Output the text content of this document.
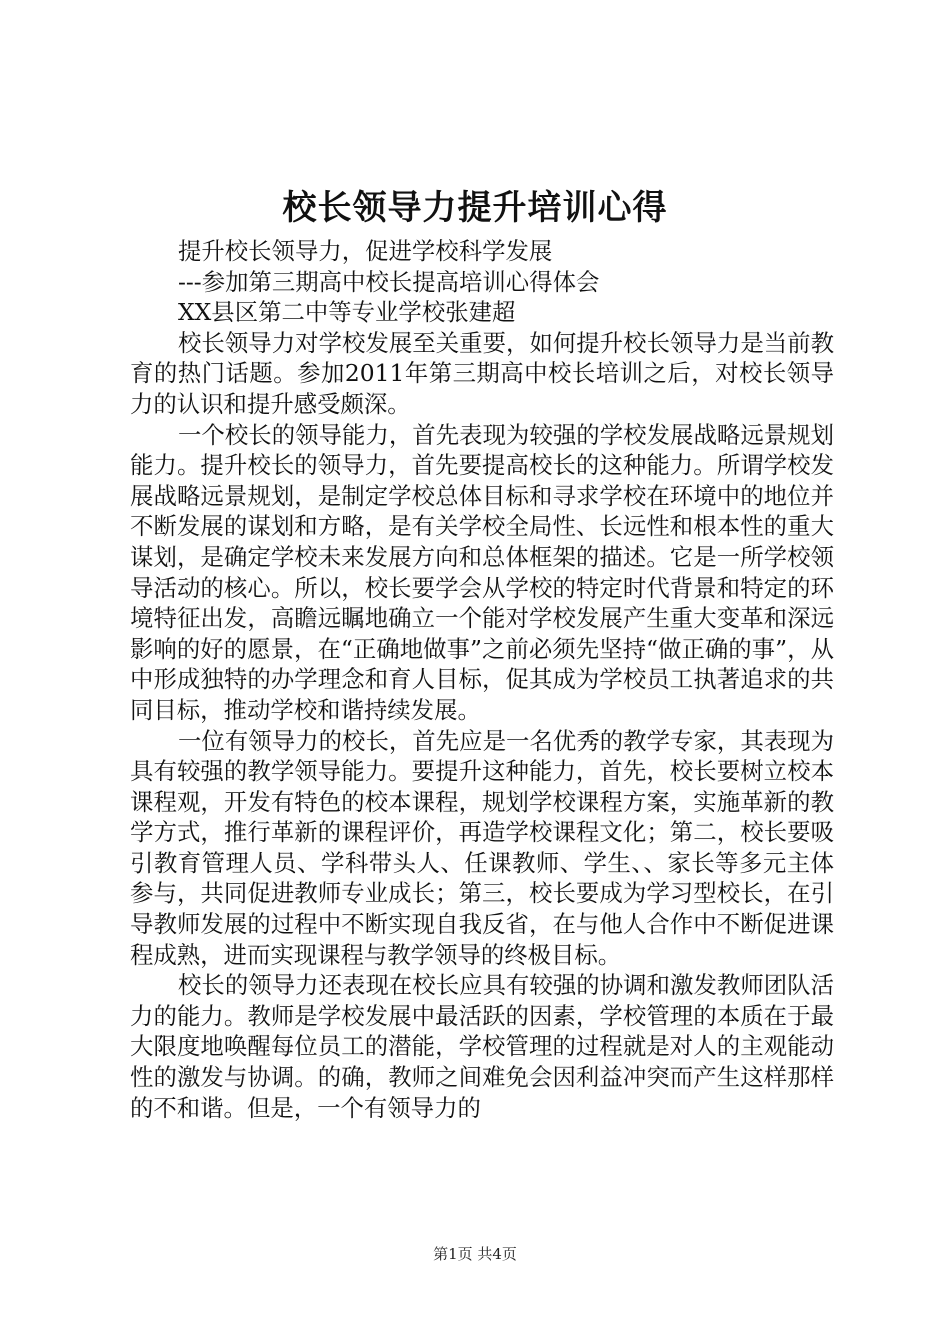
校长领导力提升培训心得

提升校长领导力，促进学校科学发展

---参加第三期高中校长提高培训心得体会

XX县区第二中等专业学校张建超

校长领导力对学校发展至关重要，如何提升校长领导力是当前教育的热门话题。参加2011年第三期高中校长培训之后，对校长领导力的认识和提升感受颇深。

一个校长的领导能力，首先表现为较强的学校发展战略远景规划能力。提升校长的领导力，首先要提高校长的这种能力。所谓学校发展战略远景规划，是制定学校总体目标和寻求学校在环境中的地位并不断发展的谋划和方略，是有关学校全局性、长远性和根本性的重大谋划，是确定学校未来发展方向和总体框架的描述。它是一所学校领导活动的核心。所以，校长要学会从学校的特定时代背景和特定的环境特征出发，高瞻远瞩地确立一个能对学校发展产生重大变革和深远影响的好的愿景，在“正确地做事”之前必须先坚持“做正确的事”，从中形成独特的办学理念和育人目标，促其成为学校员工执著追求的共同目标，推动学校和谐持续发展。

一位有领导力的校长，首先应是一名优秀的教学专家，其表现为具有较强的教学领导能力。要提升这种能力，首先，校长要树立校本课程观，开发有特色的校本课程，规划学校课程方案，实施革新的教学方式，推行革新的课程评价，再造学校课程文化；第二，校长要吸引教育管理人员、学科带头人、任课教师、学生、、家长等多元主体参与，共同促进教师专业成长；第三，校长要成为学习型校长，在引导教师发展的过程中不断实现自我反省，在与他人合作中不断促进课程成熟，进而实现课程与教学领导的终极目标。

校长的领导力还表现在校长应具有较强的协调和激发教师团队活力的能力。教师是学校发展中最活跃的因素，学校管理的本质在于最大限度地唤醒每位员工的潜能，学校管理的过程就是对人的主观能动性的激发与协调。的确，教师之间难免会因利益冲突而产生这样那样的不和谐。但是，一个有领导力的

第1页 共4页
